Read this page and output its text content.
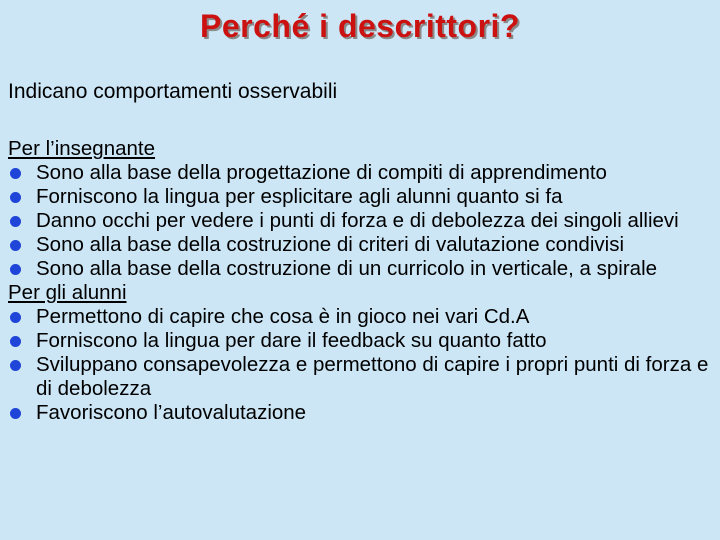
Perché i descrittori?
Indicano comportamenti osservabili
Per l’insegnante
Sono alla base della progettazione di compiti di apprendimento
Forniscono la lingua per esplicitare agli alunni quanto si fa
Danno occhi per vedere i punti di forza e di debolezza dei singoli allievi
Sono alla base della costruzione di criteri di valutazione condivisi
Sono alla base della costruzione di un curricolo in verticale, a spirale
Per gli alunni
Permettono di capire che cosa è in gioco nei vari Cd.A
Forniscono la lingua per dare il feedback su quanto fatto
Sviluppano consapevolezza e permettono di capire i propri punti di forza e di debolezza
Favoriscono l’autovalutazione
